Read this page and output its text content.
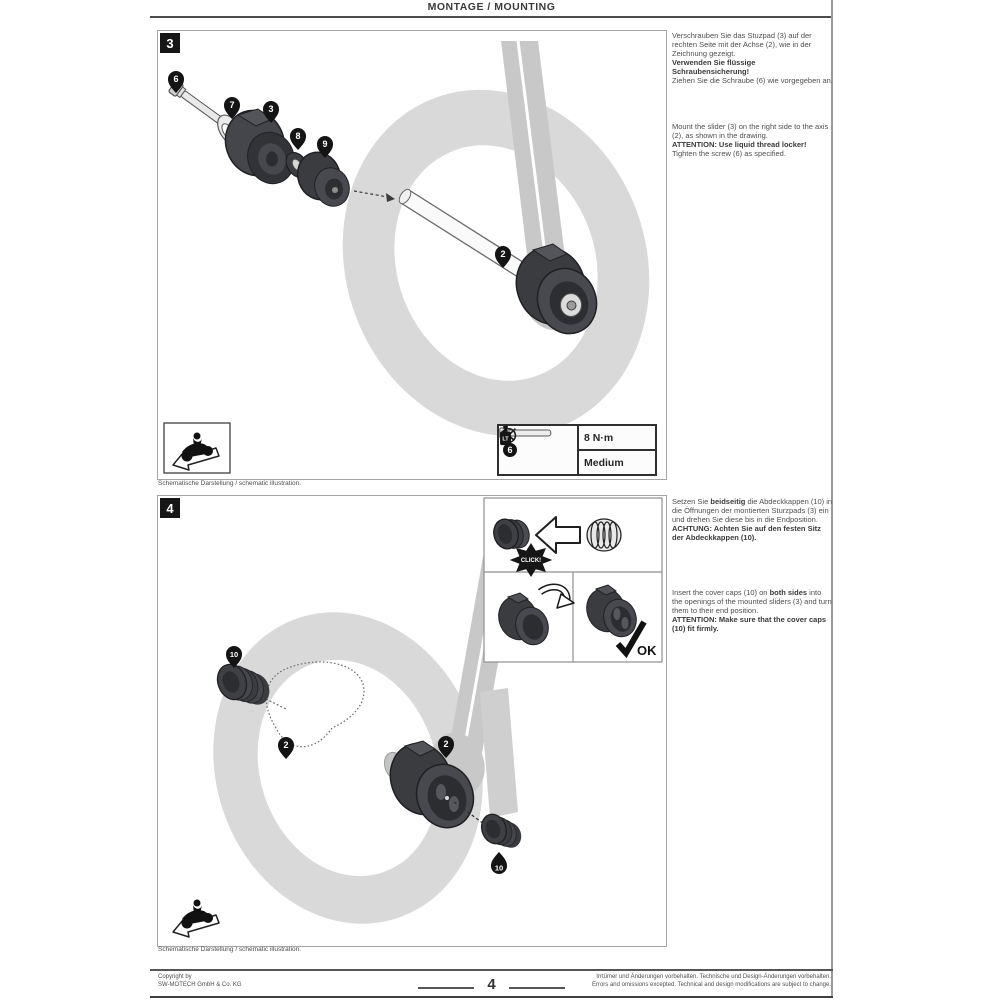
MONTAGE / MOUNTING
3
6
7	3
8
9
2
6
8 N·m
LT
Medium
Schematische Darstellung / schematic illustration.

Verschrauben Sie das Stuzpad (3) auf der rechten Seite mit der Achse (2), wie in der Zeichnung gezeigt.

Verwenden Sie flüssige Schraubensicherung!

Ziehen Sie die Schraube (6) wie vorgegeben an.

Mount the slider (3) on the right side to the axis (2), as shown in the drawing.

ATTENTION: Use liquid thread locker!

Tighten the screw (6) as specified.

4
10
2	2
10
CLICK!
OK
Schematische Darstellung / schematic illustration.

Setzen Sie beidseitig die Abdeckkappen (10) in die Öffnungen der montierten Sturzpads (3) ein und drehen Sie diese bis in die Endposition.

ACHTUNG: Achten Sie auf den festen Sitz der Abdeckkappen (10).

Insert the cover caps (10) on both sides into the openings of the mounted sliders (3) and turn them to their end position.

ATTENTION: Make sure that the cover caps (10) fit firmly.

Copyright by
SW-MOTECH GmbH & Co. KG
Irrtümer und Änderungen vorbehalten. Technische und Design-Änderungen vorbehalten.
Errors and omissions excepted. Technical and design modifications are subject to change.
4
